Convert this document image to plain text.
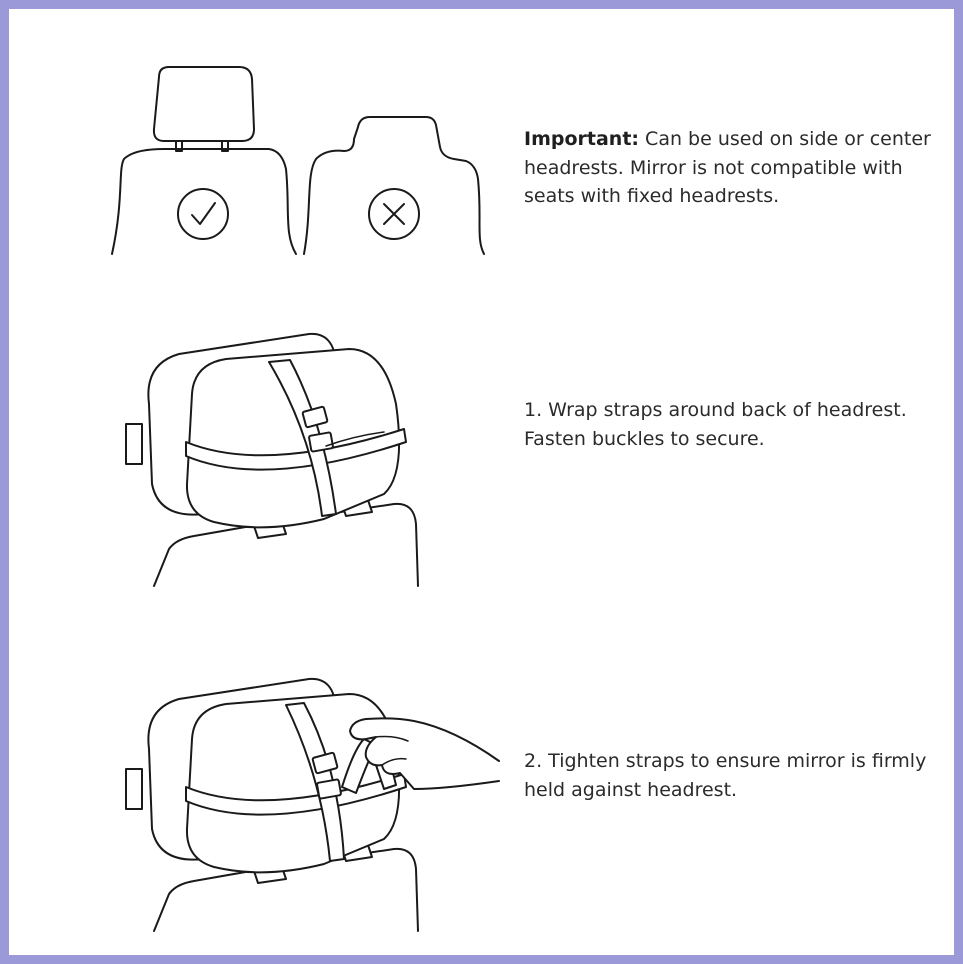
Important: Can be used on side or center headrests. Mirror is not compatible with seats with fixed headrests.
1. Wrap straps around back of headrest. Fasten buckles to secure.
2. Tighten straps to ensure mirror is firmly held against headrest.
